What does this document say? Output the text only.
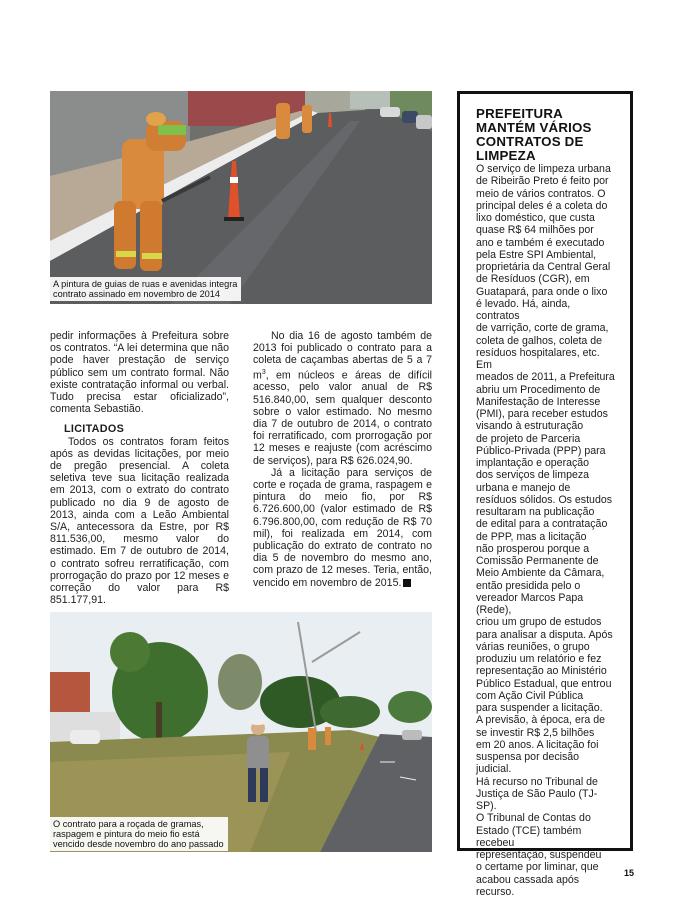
A pintura de guias de ruas e avenidas integra
contrato assinado em novembro de 2014

pedir informações à Prefeitura sobre os contratos. “A lei determina que não pode haver prestação de serviço público sem um contrato formal. Não existe contratação informal ou verbal. Tudo precisa estar oficializado”, comenta Sebastião.

LICITADOS

Todos os contratos foram feitos após as devidas licitações, por meio de pregão presencial. A coleta seletiva teve sua licitação realizada em 2013, com o extrato do contrato publicado no dia 9 de agosto de 2013, ainda com a Leão Ambiental S/A, antecessora da Estre, por R$ 811.536,00, mesmo valor do estimado. Em 7 de outubro de 2014, o contrato sofreu rerratificação, com prorrogação do prazo por 12 meses e correção do valor para R$ 851.177,91.

No dia 16 de agosto também de 2013 foi publicado o contrato para a coleta de caçambas abertas de 5 a 7 $m^3$, em núcleos e áreas de difícil acesso, pelo valor anual de R$ 516.840,00, sem qualquer desconto sobre o valor estimado. No mesmo dia 7 de outubro de 2014, o contrato foi rerratificado, com prorrogação por 12 meses e reajuste (com acréscimo de serviços), para R$ 626.024,90.

Já a licitação para serviços de corte e roçada de grama, raspagem e pintura do meio fio, por R$ 6.726.600,00 (valor estimado de R$ 6.796.800,00, com redução de R$ 70 mil), foi realizada em 2014, com publicação do extrato de contrato no dia 5 de novembro do mesmo ano, com prazo de 12 meses. Teria, então, vencido em novembro de 2015.

O contrato para a roçada de gramas,
raspagem e pintura do meio fio está
vencido desde novembro do ano passado
PREFEITURA MANTÉM VÁRIOS CONTRATOS DE LIMPEZA
O serviço de limpeza urbana
de Ribeirão Preto é feito por
meio de vários contratos. O
principal deles é a coleta do
lixo doméstico, que custa
quase R$ 64 milhões por
ano e também é executado
pela Estre SPI Ambiental,
proprietária da Central Geral
de Resíduos (CGR), em
Guatapará, para onde o lixo
é levado. Há, ainda, contratos
de varrição, corte de grama,
coleta de galhos, coleta de
resíduos hospitalares, etc. Em
meados de 2011, a Prefeitura
abriu um Procedimento de
Manifestação de Interesse
(PMI), para receber estudos
visando à estruturação
de projeto de Parceria
Público-Privada (PPP) para
implantação e operação
dos serviços de limpeza
urbana e manejo de
resíduos sólidos. Os estudos
resultaram na publicação
de edital para a contratação
de PPP, mas a licitação
não prosperou porque a
Comissão Permanente de
Meio Ambiente da Câmara,
então presidida pelo o
vereador Marcos Papa (Rede),
criou um grupo de estudos
para analisar a disputa. Após
várias reuniões, o grupo
produziu um relatório e fez
representação ao Ministério
Público Estadual, que entrou
com Ação Civil Pública
para suspender a licitação.
A previsão, à época, era de
se investir R$ 2,5 bilhões
em 20 anos. A licitação foi
suspensa por decisão judicial.
Há recurso no Tribunal de
Justiça de São Paulo (TJ-SP).
O Tribunal de Contas do
Estado (TCE) também recebeu
representação, suspendeu
o certame por liminar, que
acabou cassada após recurso.
15
